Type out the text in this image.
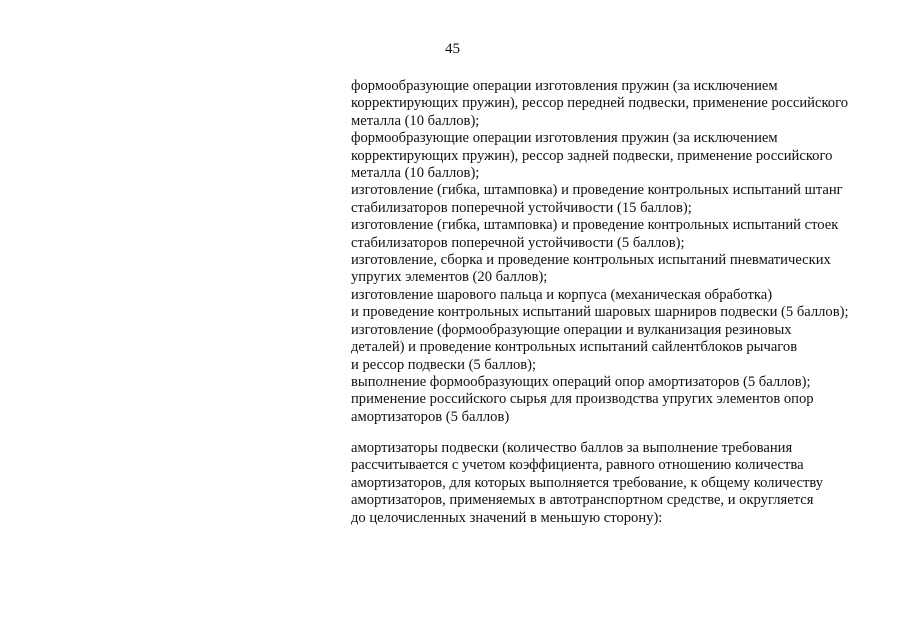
45
формообразующие операции изготовления пружин (за исключением
корректирующих пружин), рессор передней подвески, применение российского
металла (10 баллов);
формообразующие операции изготовления пружин (за исключением
корректирующих пружин), рессор задней подвески, применение российского
металла (10 баллов);
изготовление (гибка, штамповка) и проведение контрольных испытаний штанг
стабилизаторов поперечной устойчивости (15 баллов);
изготовление (гибка, штамповка) и проведение контрольных испытаний стоек
стабилизаторов поперечной устойчивости (5 баллов);
изготовление, сборка и проведение контрольных испытаний пневматических
упругих элементов (20 баллов);
изготовление шарового пальца и корпуса (механическая обработка)
и проведение контрольных испытаний шаровых шарниров подвески (5 баллов);
изготовление (формообразующие операции и вулканизация резиновых
деталей) и проведение контрольных испытаний сайлентблоков рычагов
и рессор подвески (5 баллов);
выполнение формообразующих операций опор амортизаторов (5 баллов);
применение российского сырья для производства упругих элементов опор
амортизаторов (5 баллов)
амортизаторы подвески (количество баллов за выполнение требования
рассчитывается с учетом коэффициента, равного отношению количества
амортизаторов, для которых выполняется требование, к общему количеству
амортизаторов, применяемых в автотранспортном средстве, и округляется
до целочисленных значений в меньшую сторону):
